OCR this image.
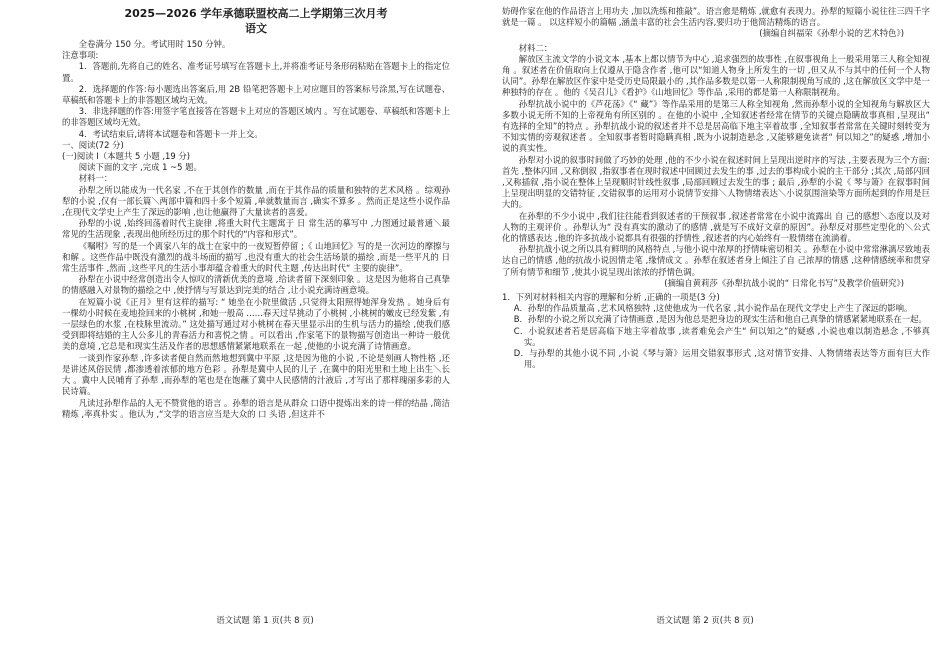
2025—2026 学年承德联盟校高二上学期第三次月考

语文

全卷满分 150 分。考试用时 150 分钟。

注意事项:

1．答题前,先将自己的姓名、准考证号填写在答题卡上,并将准考证号条形码粘贴在答题卡上的指定位置。

2．选择题的作答:每小题选出答案后,用 2B 铅笔把答题卡上对应题目的答案标号涂黑,写在试题卷、草稿纸和答题卡上的非答题区域均无效。

3．非选择题的作答:用签字笔直接答在答题卡上对应的答题区域内 。写在试题卷、草稿纸和答题卡上的非答题区域均无效。

4．考试结束后,请将本试题卷和答题卡一并上交。

一、阅读(72 分)

(一)阅读 I（本题共 5 小题 ,19 分)

阅读下面的文字 ,完成 1 ~5 题。

材料一：

孙犁之所以能成为一代名家 ,不在于其创作的数量 ,而在于其作品的质量和独特的艺术风格 。综观孙犁的小说 ,仅有一部长篇＼两部中篇和四十多个短篇 ,单就数量而言 ,确实不算多 。然而正是这些小说作品 ,在现代文学史上产生了深远的影响 ,也让他赢得了大量读者的喜爱。

孙犁的小说 ,始终回荡着时代主旋律 ,将重大时代主题寓于 日 常生活的摹写中 ,力图通过最普通＼最常见的生活现象 ,表现出他所经历过的那个时代的“内容和形式”。

《嘱咐》写的是一个离家八年的战士在家中的一夜短暂停留 ;《 山地回忆》写的是一次河边的摩擦与和解 。这些作品中既没有激烈的战斗场面的描写 ,也没有重大的社会生活场景的描绘 ,而是一些平凡的 日 常生活事件 ,然而 ,这些平凡的生活小事却蕴含着重大的时代主题 ,传达出时代“ 主要的旋律”。

孙犁在小说中经常创造出令人惊叹的清新优美的意境 ,给读者留下深刻印象 。这是因为他将自己真挚的情感融入对景物的描绘之中 ,使抒情与写景达到完美的结合 ,让小说充满诗画意境。

在短篇小说《正月》里有这样的描写: “ 她坐在小院里做活 ,只觉得太阳照得她浑身发热 。她身后有一棵幼小时候在麦地捡回来的小桃树 ,和她一般高 ……春天过早挑动了小桃树 ,小桃树的嫩皮已经发紫 ,有一层绿色的水浆 ,在枝脉里流动。” 这处描写通过对小桃树在春天里显示出的生机与活力的描绘 ,使我们感受到即将结婚的主人公多儿的青春活力和喜悦之情 。可以看出 ,作家笔下的景物描写创造出一种诗一般优美的意境 ,它总是和现实生活及作者的思想感情紧紧地联系在一起 ,使他的小说充满了诗情画意。

一谈到作家孙犁 ,许多读者便自然而然地想到冀中平原 ,这是因为他的小说 ,不论是刻画人物性格 ,还是讲述风俗民情 ,都渗透着浓郁的地方色彩 。孙犁是冀中人民的儿子 ,在冀中的阳光里和土地上出生＼长大 。冀中人民哺育了孙犁 ,而孙犁的笔也是在饱蘸了冀中人民感情的汁液后 ,才写出了那样瑰丽多彩的人民诗篇。

凡读过孙犁作品的人无不赞赏他的语言 。孙犁的语言是从群众 口语中提炼出来的诗一样的结晶 ,简洁精炼 ,率真朴实 。他认为 ,“文学的语言应当是大众的 口 头语 ,但这并不

语文试题 第 1 页(共 8 页)

妨碍作家在他的作品语言上用功夫 ,加以洗练和推敲”。语言愈是精炼 ,就愈有表现力。孙犁的短篇小说往往三四千字就是一篇 。 以这样短小的篇幅 ,涵盖丰富的社会生活内容,要归功于他简洁精炼的语言。

(摘编自纠福荣《孙犁小说的艺术特色》)

材料二：

解放区主流文学的小说文本 ,基本上都以情节为中心 ,追求强烈的故事性 ,在叙事视角上一般采用第三人称全知视角 。叙述者在价值取向上仅遵从于隐含作者 ,他可以“知道人物身上所发生的一切 ,但又从不与其中的任何一个人物认同”。孙犁在解放区作家中是受历史局限最小的 ,其作品多数是以第一人称限制视角写成的 ,这在解放区文学中是一种独特的存在 。他的《吴召儿》《看护》《山地回忆》等作品 ,采用的都是第一人称限制视角。

孙犁抗战小说中的《芦花荡》《“ 藏”》等作品采用的是第三人称全知视角 ,然而孙犁小说的全知视角与解放区大多数小说无所不知的上帝视角有所区别的 。在他的小说中 ,全知叙述者经常在情节的关键点隐瞒故事真相 ,呈现出“ 有选择的全知”的特点 。孙犁抗战小说的叙述者并不总是居高临下地主宰着故事 ,全知叙事者常常在关键时刻转变为不知实情的旁观叙述者 。全知叙事者暂时隐瞒真相 ,既为小说制造悬念 ,又能够避免读者“ 何以知之”的疑惑 ,增加小说的真实性。

孙犁对小说的叙事时间做了巧妙的处理 ,他的不少小说在叙述时间上呈现出逆时序的写法 ,主要表现为三个方面:首先 ,整体闪回 ,又称倒叙 ,指叙事者在现时叙述中回顾过去发生的事 ,过去的事构成小说的主干部分 ;其次 ,局部闪回 ,又称插叙 ,指小说在整体上呈现顺时针线性叙事 ,局部回顾过去发生的事 ; 最后 ,孙犁的小说《 琴与箫》在叙事时间上呈现出明显的交错特征 ,交错叙事的运用对小说情节安排＼人物情绪表达＼小说氛围渲染等方面所起到的作用是巨大的。

在孙犁的不少小说中 ,我们往往能看到叙述者的干预叙事 ,叙述者常常在小说中流露出 自 己的感想＼态度以及对人物的主观评价 。孙犁认为“ 没有真实的激动了的感情 ,就是写不成好文章的原因”。孙犁反对那些定型化的＼公式化的情感表达 ,他的许多抗战小说都具有很强的抒情性 ,叙述者的内心始终有一股情绪在流淌着。

孙犁抗战小说之所以具有鲜明的风格特点 ,与他小说中浓厚的抒情味密切相关 。孙犁在小说中常常淋漓尽致地表达自己的情感 ,他的抗战小说因情走笔 ,缘情成文 。孙犁在叙述者身上倾注了自 己浓厚的情感 ,这种情感统率和贯穿了所有情节和细节 ,使其小说呈现出浓浓的抒情色调。

(摘编自黄莉莎《孙犁抗战小说的“ 日常化书写”及教学价值研究》)

1．下列对材料相关内容的理解和分析 ,正确的一项是(3 分)

A．孙犁的作品质量高 ,艺术风格独特 ,这使他成为一代名家 ,其小说作品在现代文学史上产生了深远的影响。

B．孙犁的小说之所以充满了诗情画意 ,是因为他总是把身边的现实生活和他自己真挚的情感紧紧地联系在一起。

C．小说叙述者若是居高临下地主宰着故事 ,读者难免会产生“ 何以知之”的疑惑 ,小说也难以制造悬念 ,不够真实。

D．与孙犁的其他小说不同 ,小说《琴与箫》运用交错叙事形式 ,这对情节安排、人物情绪表达等方面有巨大作用。

语文试题 第 2 页(共 8 页)
